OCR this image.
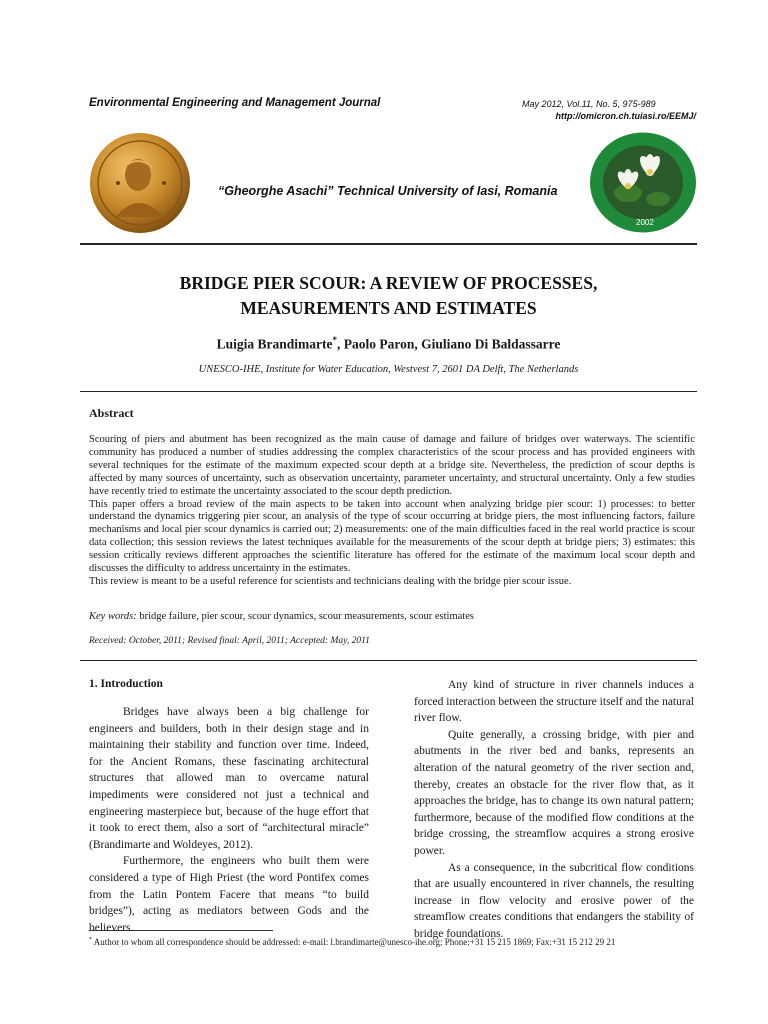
Environmental Engineering and Management Journal	May 2012, Vol.11, No. 5, 975-989
http://omicron.ch.tuiasi.ro/EEMJ/
“Gheorghe Asachi” Technical University of Iasi, Romania
2002
BRIDGE PIER SCOUR: A REVIEW OF PROCESSES,
MEASUREMENTS AND ESTIMATES
Luigia Brandimarte*, Paolo Paron, Giuliano Di Baldassarre
UNESCO-IHE, Institute for Water Education, Westvest 7, 2601 DA Delft, The Netherlands
Abstract

Scouring of piers and abutment has been recognized as the main cause of damage and failure of bridges over waterways. The scientific community has produced a number of studies addressing the complex characteristics of the scour process and has provided engineers with several techniques for the estimate of the maximum expected scour depth at a bridge site. Nevertheless, the prediction of scour depths is affected by many sources of uncertainty, such as observation uncertainty, parameter uncertainty, and structural uncertainty. Only a few studies have recently tried to estimate the uncertainty associated to the scour depth prediction.

This paper offers a broad review of the main aspects to be taken into account when analyzing bridge pier scour: 1) processes: to better understand the dynamics triggering pier scour, an analysis of the type of scour occurring at bridge piers, the most influencing factors, failure mechanisms and local pier scour dynamics is carried out; 2) measurements: one of the main difficulties faced in the real world practice is scour data collection; this session reviews the latest techniques available for the measurements of the scour depth at bridge piers; 3) estimates: this session critically reviews different approaches the scientific literature has offered for the estimate of the maximum local scour depth and discusses the difficulty to address uncertainty in the estimates.

This review is meant to be a useful reference for scientists and technicians dealing with the bridge pier scour issue.

Key words: bridge failure, pier scour, scour dynamics, scour measurements, scour estimates
Received: October, 2011; Revised final: April, 2011; Accepted: May, 2011
1. Introduction

Bridges have always been a big challenge for engineers and builders, both in their design stage and in maintaining their stability and function over time. Indeed, for the Ancient Romans, these fascinating architectural structures that allowed man to overcame natural impediments were considered not just a technical and engineering masterpiece but, because of the huge effort that it took to erect them, also a sort of “architectural miracle” (Brandimarte and Woldeyes, 2012).

Furthermore, the engineers who built them were considered a type of High Priest (the word Pontifex comes from the Latin Pontem Facere that means “to build bridges”), acting as mediators between Gods and the believers.

Any kind of structure in river channels induces a forced interaction between the structure itself and the natural river flow.

Quite generally, a crossing bridge, with pier and abutments in the river bed and banks, represents an alteration of the natural geometry of the river section and, thereby, creates an obstacle for the river flow that, as it approaches the bridge, has to change its own natural pattern; furthermore, because of the modified flow conditions at the bridge crossing, the streamflow acquires a strong erosive power.

As a consequence, in the subcritical flow conditions that are usually encountered in river channels, the resulting increase in flow velocity and erosive power of the streamflow creates conditions that endangers the stability of bridge foundations.

* Author to whom all correspondence should be addressed: e-mail: l.brandimarte@unesco-ihe.org; Phone:+31 15 215 1869; Fax:+31 15 212 29 21
